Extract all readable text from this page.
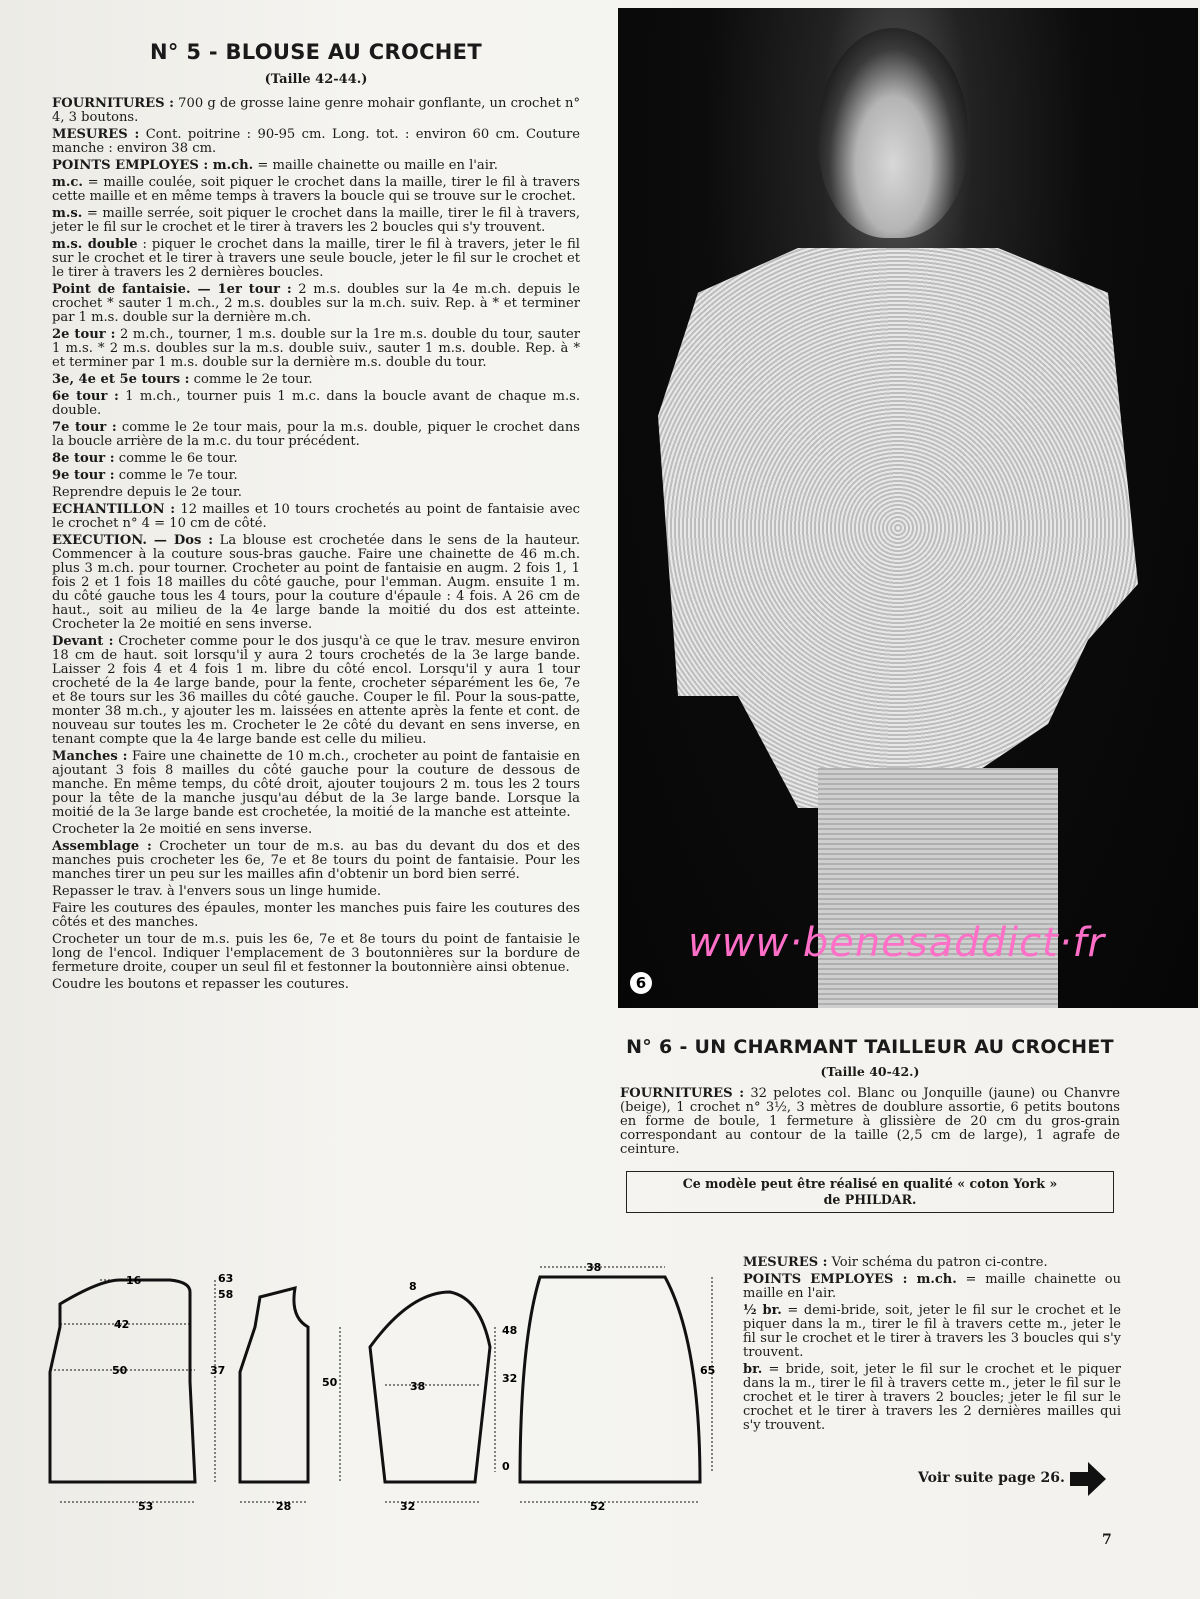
N° 5 - BLOUSE AU CROCHET
(Taille 42-44.)

FOURNITURES : 700 g de grosse laine genre mohair gonflante, un crochet n° 4, 3 boutons.

MESURES : Cont. poitrine : 90-95 cm. Long. tot. : environ 60 cm. Couture manche : environ 38 cm.

POINTS EMPLOYES : m.ch. = maille chainette ou maille en l'air.

m.c. = maille coulée, soit piquer le crochet dans la maille, tirer le fil à travers cette maille et en même temps à travers la boucle qui se trouve sur le crochet.

m.s. = maille serrée, soit piquer le crochet dans la maille, tirer le fil à travers, jeter le fil sur le crochet et le tirer à travers les 2 boucles qui s'y trouvent.

m.s. double : piquer le crochet dans la maille, tirer le fil à travers, jeter le fil sur le crochet et le tirer à travers une seule boucle, jeter le fil sur le crochet et le tirer à travers les 2 dernières boucles.

Point de fantaisie. — 1er tour : 2 m.s. doubles sur la 4e m.ch. depuis le crochet * sauter 1 m.ch., 2 m.s. doubles sur la m.ch. suiv. Rep. à * et terminer par 1 m.s. double sur la dernière m.ch.

2e tour : 2 m.ch., tourner, 1 m.s. double sur la 1re m.s. double du tour, sauter 1 m.s. * 2 m.s. doubles sur la m.s. double suiv., sauter 1 m.s. double. Rep. à * et terminer par 1 m.s. double sur la dernière m.s. double du tour.

3e, 4e et 5e tours : comme le 2e tour.

6e tour : 1 m.ch., tourner puis 1 m.c. dans la boucle avant de chaque m.s. double.

7e tour : comme le 2e tour mais, pour la m.s. double, piquer le crochet dans la boucle arrière de la m.c. du tour précédent.

8e tour : comme le 6e tour.

9e tour : comme le 7e tour.

Reprendre depuis le 2e tour.

ECHANTILLON : 12 mailles et 10 tours crochetés au point de fantaisie avec le crochet n° 4 = 10 cm de côté.

EXECUTION. — Dos : La blouse est crochetée dans le sens de la hauteur. Commencer à la couture sous-bras gauche. Faire une chainette de 46 m.ch. plus 3 m.ch. pour tourner. Crocheter au point de fantaisie en augm. 2 fois 1, 1 fois 2 et 1 fois 18 mailles du côté gauche, pour l'emman. Augm. ensuite 1 m. du côté gauche tous les 4 tours, pour la couture d'épaule : 4 fois. A 26 cm de haut., soit au milieu de la 4e large bande la moitié du dos est atteinte. Crocheter la 2e moitié en sens inverse.

Devant : Crocheter comme pour le dos jusqu'à ce que le trav. mesure environ 18 cm de haut. soit lorsqu'il y aura 2 tours crochetés de la 3e large bande. Laisser 2 fois 4 et 4 fois 1 m. libre du côté encol. Lorsqu'il y aura 1 tour crocheté de la 4e large bande, pour la fente, crocheter séparément les 6e, 7e et 8e tours sur les 36 mailles du côté gauche. Couper le fil. Pour la sous-patte, monter 38 m.ch., y ajouter les m. laissées en attente après la fente et cont. de nouveau sur toutes les m. Crocheter le 2e côté du devant en sens inverse, en tenant compte que la 4e large bande est celle du milieu.

Manches : Faire une chainette de 10 m.ch., crocheter au point de fantaisie en ajoutant 3 fois 8 mailles du côté gauche pour la couture de dessous de manche. En même temps, du côté droit, ajouter toujours 2 m. tous les 2 tours pour la tête de la manche jusqu'au début de la 3e large bande. Lorsque la moitié de la 3e large bande est crochetée, la moitié de la manche est atteinte.

Crocheter la 2e moitié en sens inverse.

Assemblage : Crocheter un tour de m.s. au bas du devant du dos et des manches puis crocheter les 6e, 7e et 8e tours du point de fantaisie. Pour les manches tirer un peu sur les mailles afin d'obtenir un bord bien serré.

Repasser le trav. à l'envers sous un linge humide.

Faire les coutures des épaules, monter les manches puis faire les coutures des côtés et des manches.

Crocheter un tour de m.s. puis les 6e, 7e et 8e tours du point de fantaisie le long de l'encol. Indiquer l'emplacement de 3 boutonnières sur la bordure de fermeture droite, couper un seul fil et festonner la boutonnière ainsi obtenue.

Coudre les boutons et repasser les coutures.

www·benesaddict·fr
6
N° 6 - UN CHARMANT TAILLEUR AU CROCHET
(Taille 40-42.)
FOURNITURES : 32 pelotes col. Blanc ou Jonquille (jaune) ou Chanvre (beige), 1 crochet n° 3½, 3 mètres de doublure assortie, 6 petits boutons en forme de boule, 1 fermeture à glissière de 20 cm du gros-grain correspondant au contour de la taille (2,5 cm de large), 1 agrafe de ceinture.
Ce modèle peut être réalisé en qualité « coton York »
de PHILDAR.

MESURES : Voir schéma du patron ci-contre.

POINTS EMPLOYES : m.ch. = maille chainette ou maille en l'air.

½ br. = demi-bride, soit, jeter le fil sur le crochet et le piquer dans la m., tirer le fil à travers cette m., jeter le fil sur le crochet et le tirer à travers les 3 boucles qui s'y trouvent.

br. = bride, soit, jeter le fil sur le crochet et le piquer dans la m., tirer le fil à travers cette m., jeter le fil sur le crochet et le tirer à travers 2 boucles; jeter le fil sur le crochet et le tirer à travers les 2 dernières mailles qui s'y trouvent.

Voir suite page 26.
7
16	63
58
42
37
50
53
50
28
8
48
38
32
32
38
65
0
52
